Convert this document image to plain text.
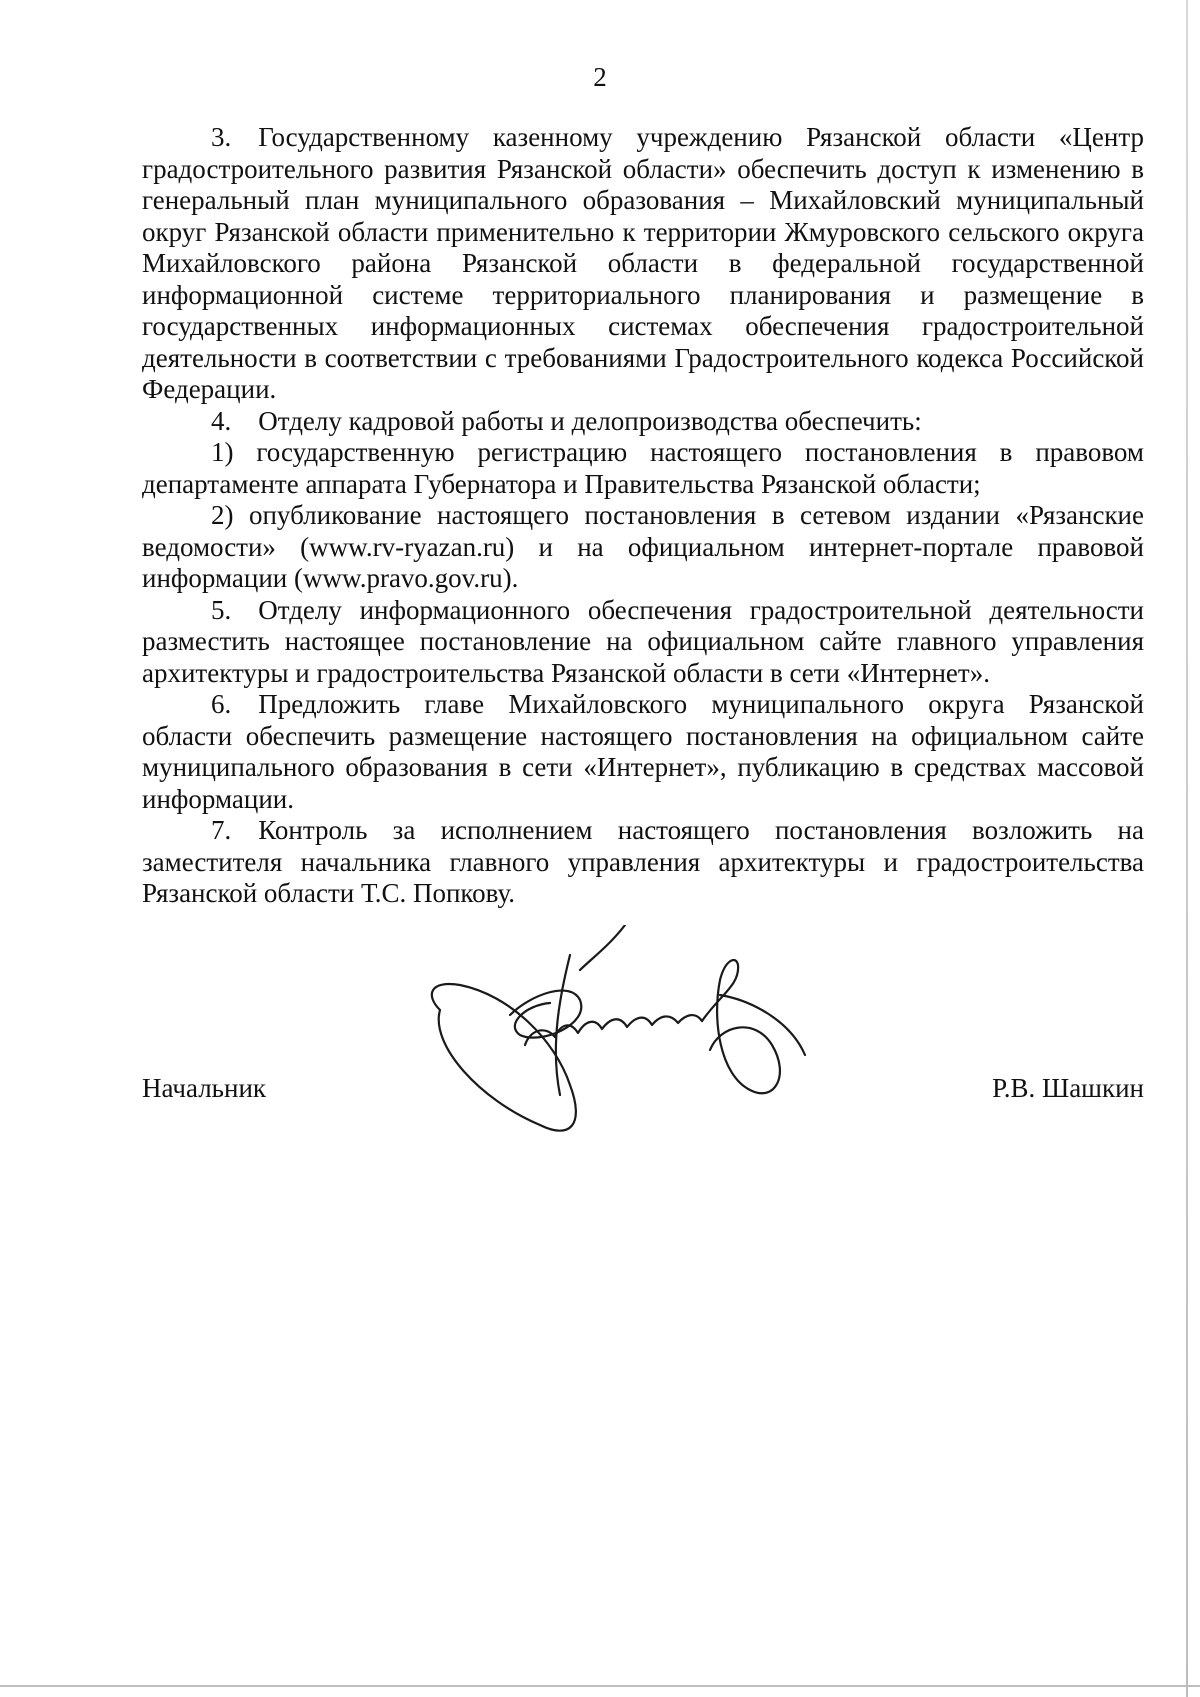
2

3. Государственному казенному учреждению Рязанской области «Центр градостроительного развития Рязанской области» обеспечить доступ к изменению в генеральный план муниципального образования – Михайловский муниципальный округ Рязанской области применительно к территории Жмуровского сельского округа Михайловского района Рязанской области в федеральной государственной информационной системе территориального планирования и размещение в государственных информационных системах обеспечения градостроительной деятельности в соответствии с требованиями Градостроительного кодекса Российской Федерации.

4. Отделу кадровой работы и делопроизводства обеспечить:

1) государственную регистрацию настоящего постановления в правовом департаменте аппарата Губернатора и Правительства Рязанской области;

2) опубликование настоящего постановления в сетевом издании «Рязанские ведомости» (www.rv-ryazan.ru) и на официальном интернет-портале правовой информации (www.pravo.gov.ru).

5. Отделу информационного обеспечения градостроительной деятельности разместить настоящее постановление на официальном сайте главного управления архитектуры и градостроительства Рязанской области в сети «Интернет».

6. Предложить главе Михайловского муниципального округа Рязанской области обеспечить размещение настоящего постановления на официальном сайте муниципального образования в сети «Интернет», публикацию в средствах массовой информации.

7. Контроль за исполнением настоящего постановления возложить на заместителя начальника главного управления архитектуры и градостроительства Рязанской области Т.С. Попкову.

Начальник	Р.В. Шашкин
